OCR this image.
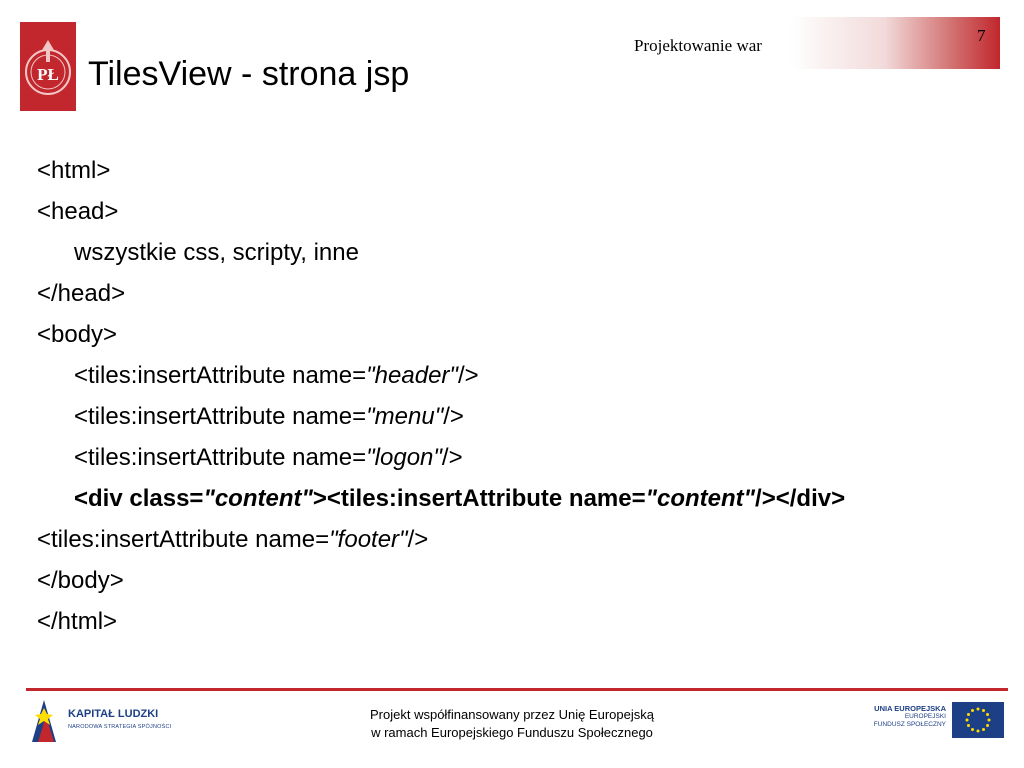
PŁ
Projektowanie war
7
TilesView - strona jsp
<html>
<head>
wszystkie css, scripty, inne
</head>
<body>
<tiles:insertAttribute name="header"/>
<tiles:insertAttribute name="menu"/>
<tiles:insertAttribute name="logon"/>
<div class="content"><tiles:insertAttribute name="content"/></div>
<tiles:insertAttribute name="footer"/>
</body>
</html>
KAPITAŁ LUDZKI
NARODOWA STRATEGIA SPÓJNOŚCI
Projekt współfinansowany przez Unię Europejską
w ramach Europejskiego Funduszu Społecznego
UNIA EUROPEJSKA
EUROPEJSKI
FUNDUSZ SPOŁECZNY
